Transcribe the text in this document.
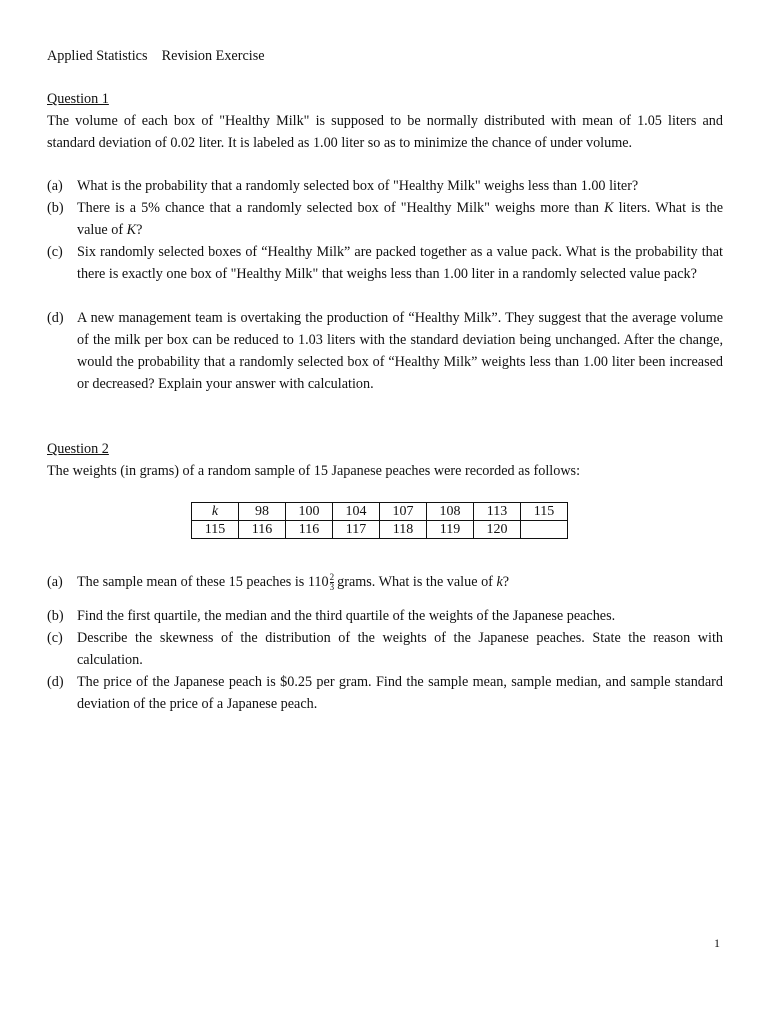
Applied Statistics    Revision Exercise
Question 1
The volume of each box of "Healthy Milk" is supposed to be normally distributed with mean of 1.05 liters and standard deviation of 0.02 liter. It is labeled as 1.00 liter so as to minimize the chance of under volume.
(a)	What is the probability that a randomly selected box of "Healthy Milk" weighs less than 1.00 liter?
(b) There is a 5% chance that a randomly selected box of "Healthy Milk" weighs more than K liters. What is the value of K?
(c)	Six randomly selected boxes of “Healthy Milk” are packed together as a value pack. What is the probability that there is exactly one box of "Healthy Milk" that weighs less than 1.00 liter in a randomly selected value pack?
(d) A new management team is overtaking the production of “Healthy Milk”. They suggest that the average volume of the milk per box can be reduced to 1.03 liters with the standard deviation being unchanged. After the change, would the probability that a randomly selected box of “Healthy Milk” weights less than 1.00 liter been increased or decreased? Explain your answer with calculation.
Question 2
The weights (in grams) of a random sample of 15 Japanese peaches were recorded as follows:
k	98	100	104	107	108	113	115
115	116	116	117	118	119	120	
(a)	The sample mean of these 15 peaches is $110 \frac{2}{3}$ grams. What is the value of k?
(b) Find the first quartile, the median and the third quartile of the weights of the Japanese peaches.
(c)	Describe the skewness of the distribution of the weights of the Japanese peaches. State the reason with calculation.
(d) The price of the Japanese peach is $0.25 per gram. Find the sample mean, sample median, and sample standard deviation of the price of a Japanese peach.
1
